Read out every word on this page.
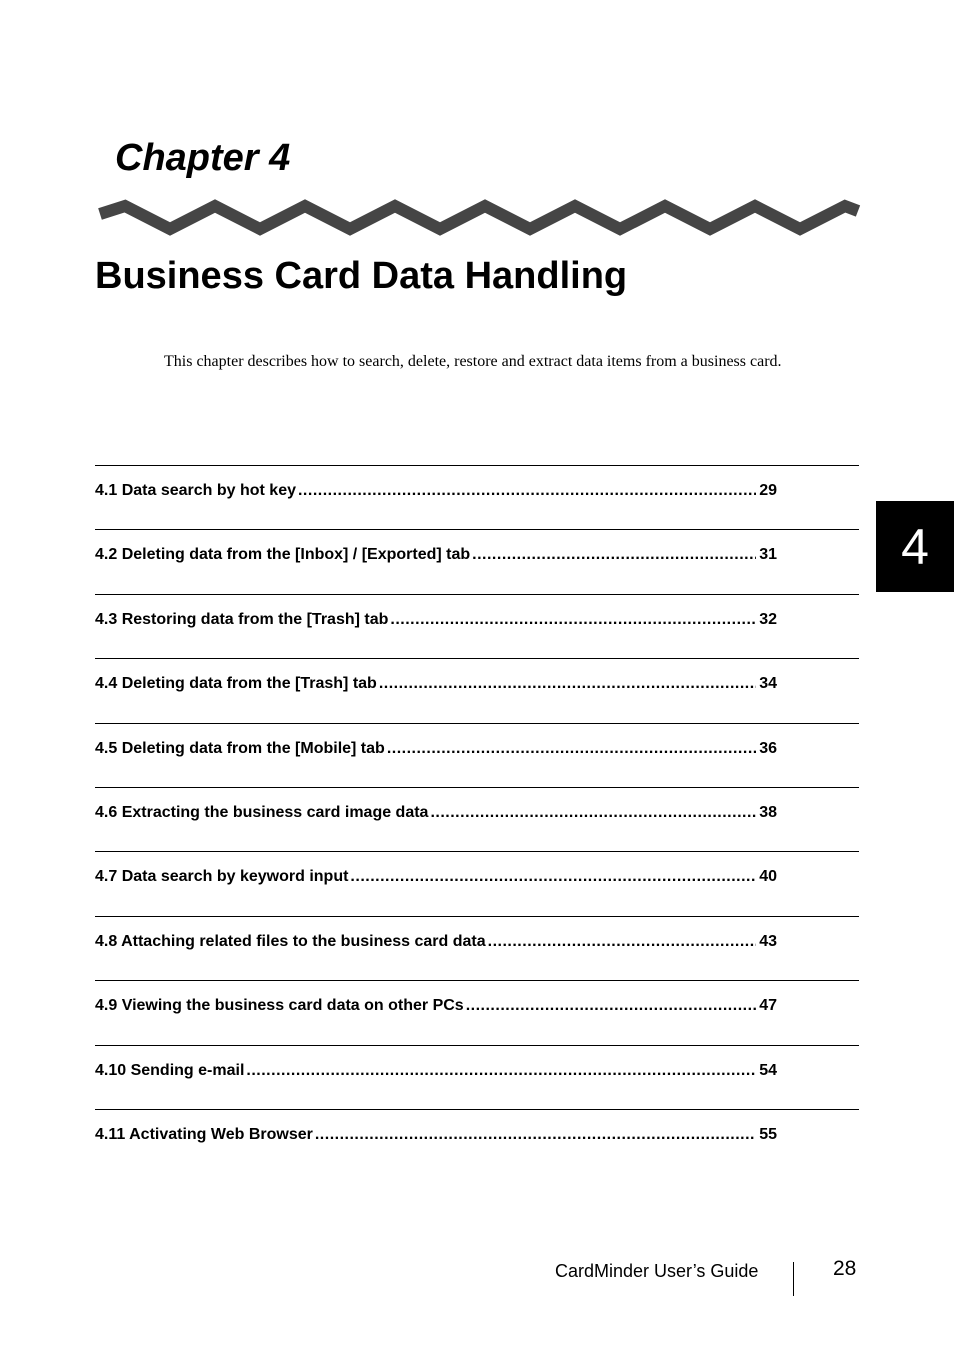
Chapter 4
Business Card Data Handling

This chapter describes how to search, delete, restore and extract data items from a business card.

4.1 Data search by hot key .....	29
4.2 Deleting data from the [Inbox] / [Exported] tab .....	31
4.3 Restoring data from the [Trash] tab .....	32
4.4 Deleting data from the [Trash] tab .....	34
4.5 Deleting data from the [Mobile] tab .....	36
4.6 Extracting the business card image data .....	38
4.7 Data search by keyword input .....	40
4.8 Attaching related files to the business card data .....	43
4.9 Viewing the business card data on other PCs .....	47
4.10 Sending e-mail .....	54
4.11 Activating Web Browser .....	55
4
CardMinder User’s Guide	28
